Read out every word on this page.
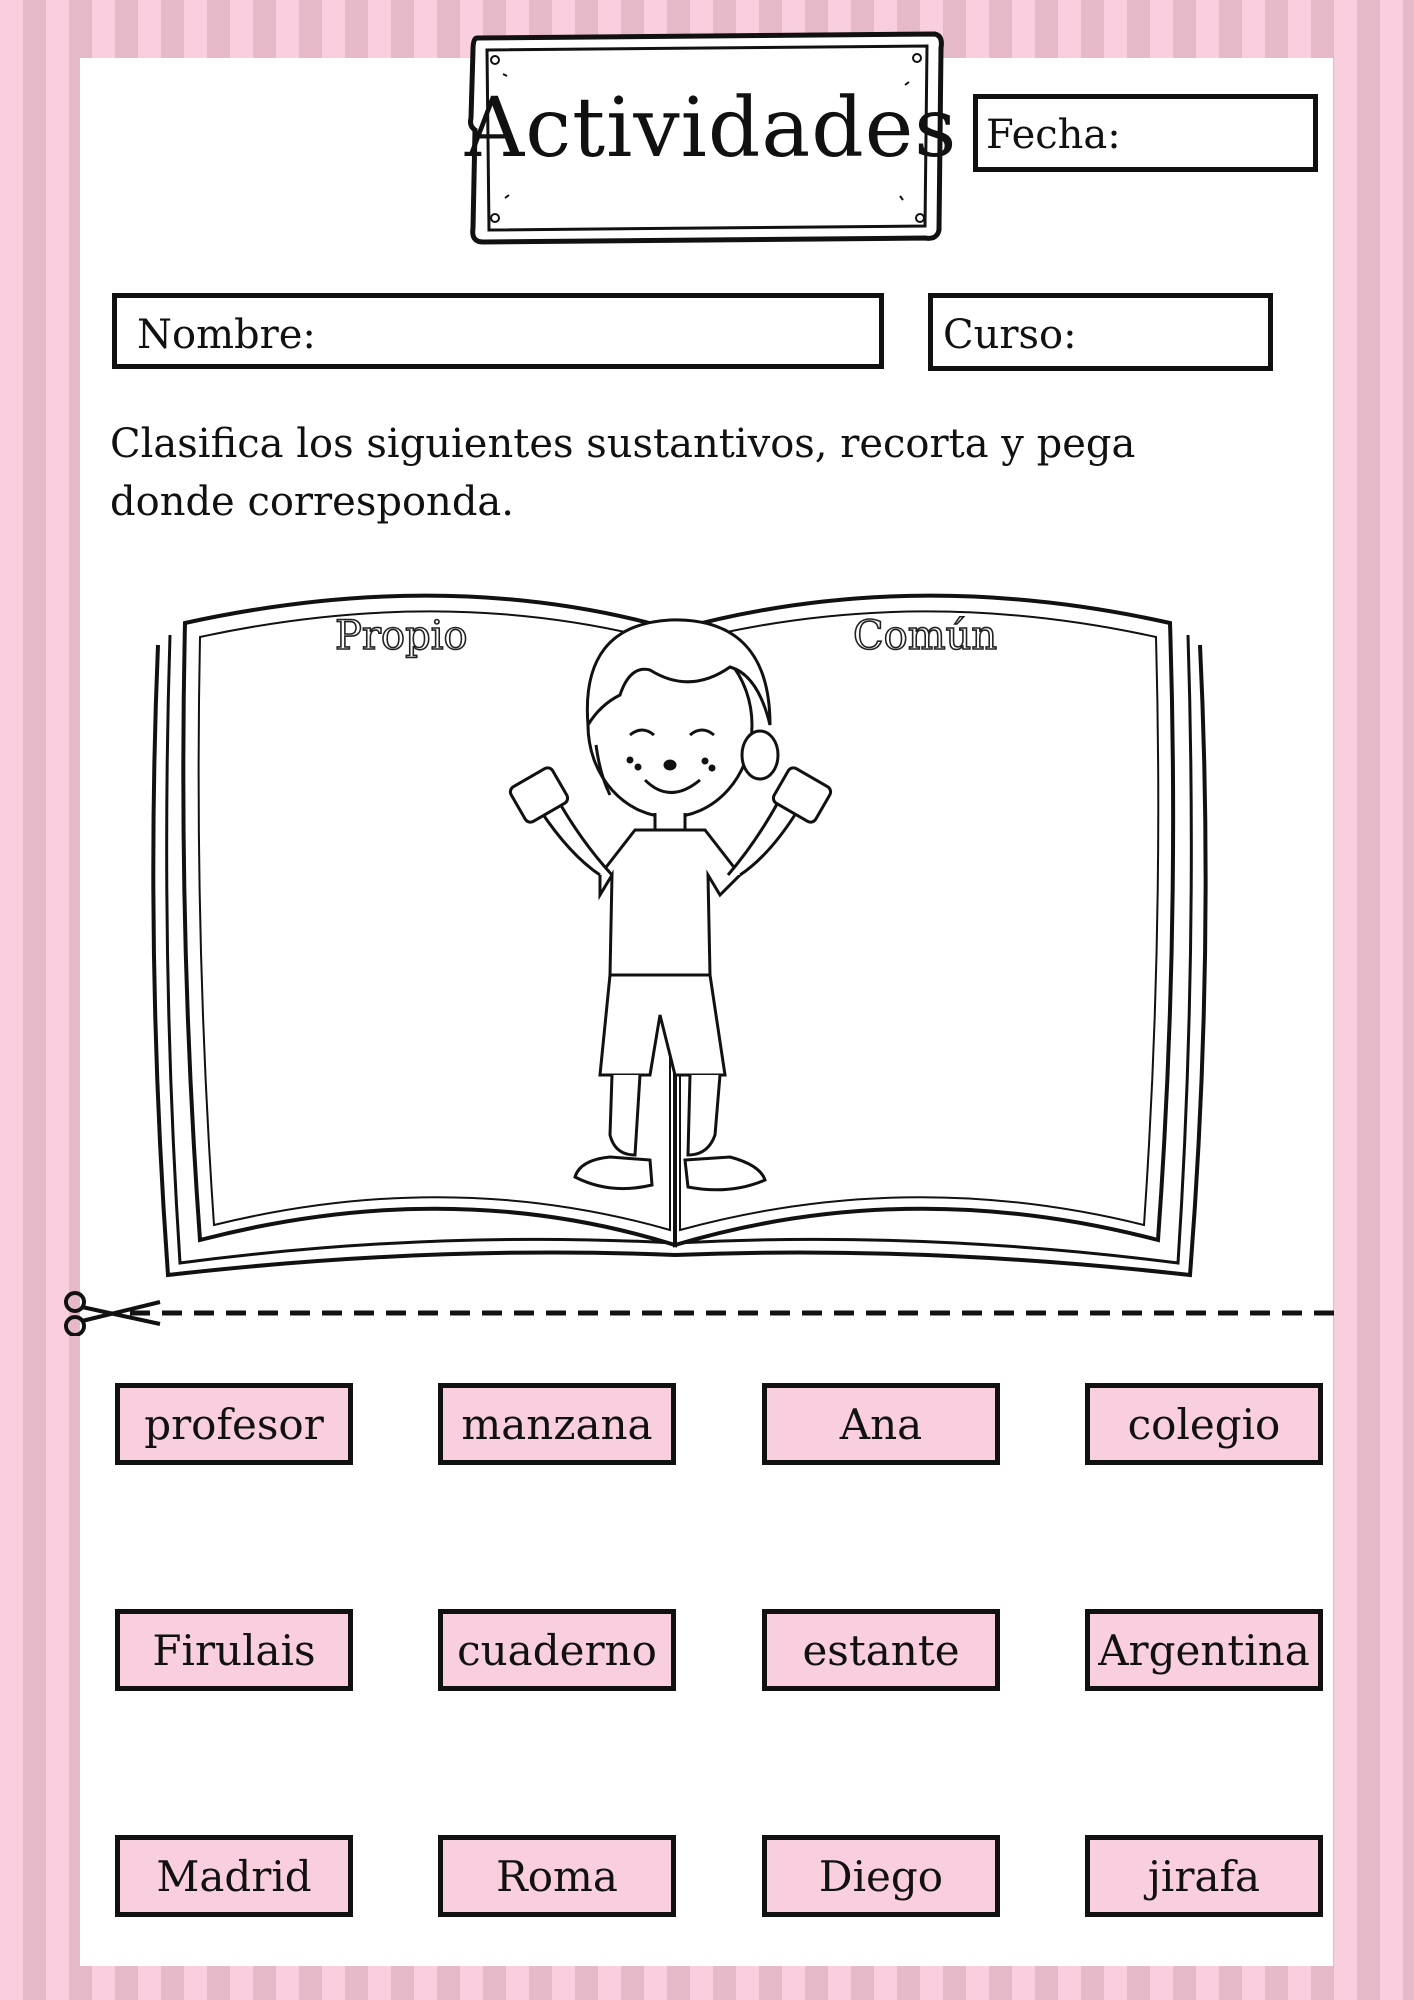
Actividades Fecha:
Nombre:	Curso:
Clasifica los siguientes sustantivos, recorta y pega donde corresponda.
Propio	Común
profesor	manzana	Ana	colegio
Firulais	cuaderno	estante	Argentina
Madrid	Roma	Diego	jirafa
